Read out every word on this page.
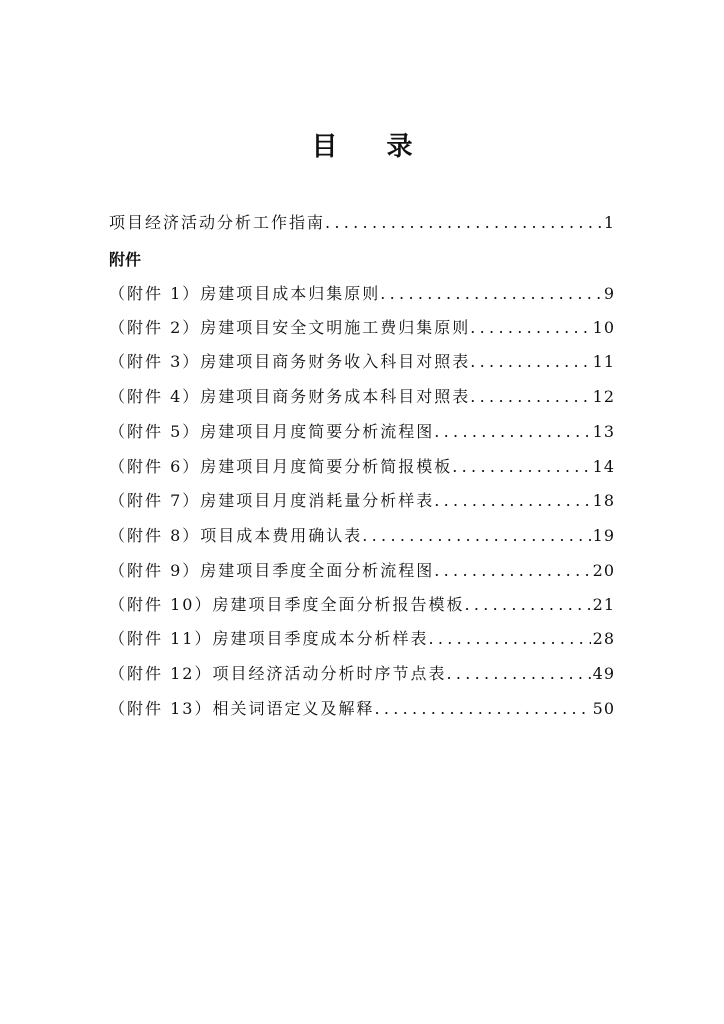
目 录
项目经济活动分析工作指南 .....	1
附件
（附件 1）房建项目成本归集原则 .....	9
（附件 2）房建项目安全文明施工费归集原则 .....	10
（附件 3）房建项目商务财务收入科目对照表 .....	11
（附件 4）房建项目商务财务成本科目对照表 .....	12
（附件 5）房建项目月度简要分析流程图 .....	13
（附件 6）房建项目月度简要分析简报模板 .....	14
（附件 7）房建项目月度消耗量分析样表 .....	18
（附件 8）项目成本费用确认表 .....	19
（附件 9）房建项目季度全面分析流程图 .....	20
（附件 10）房建项目季度全面分析报告模板 .....	21
（附件 11）房建项目季度成本分析样表 .....	28
（附件 12）项目经济活动分析时序节点表 .....	49
（附件 13）相关词语定义及解释 .....	50
